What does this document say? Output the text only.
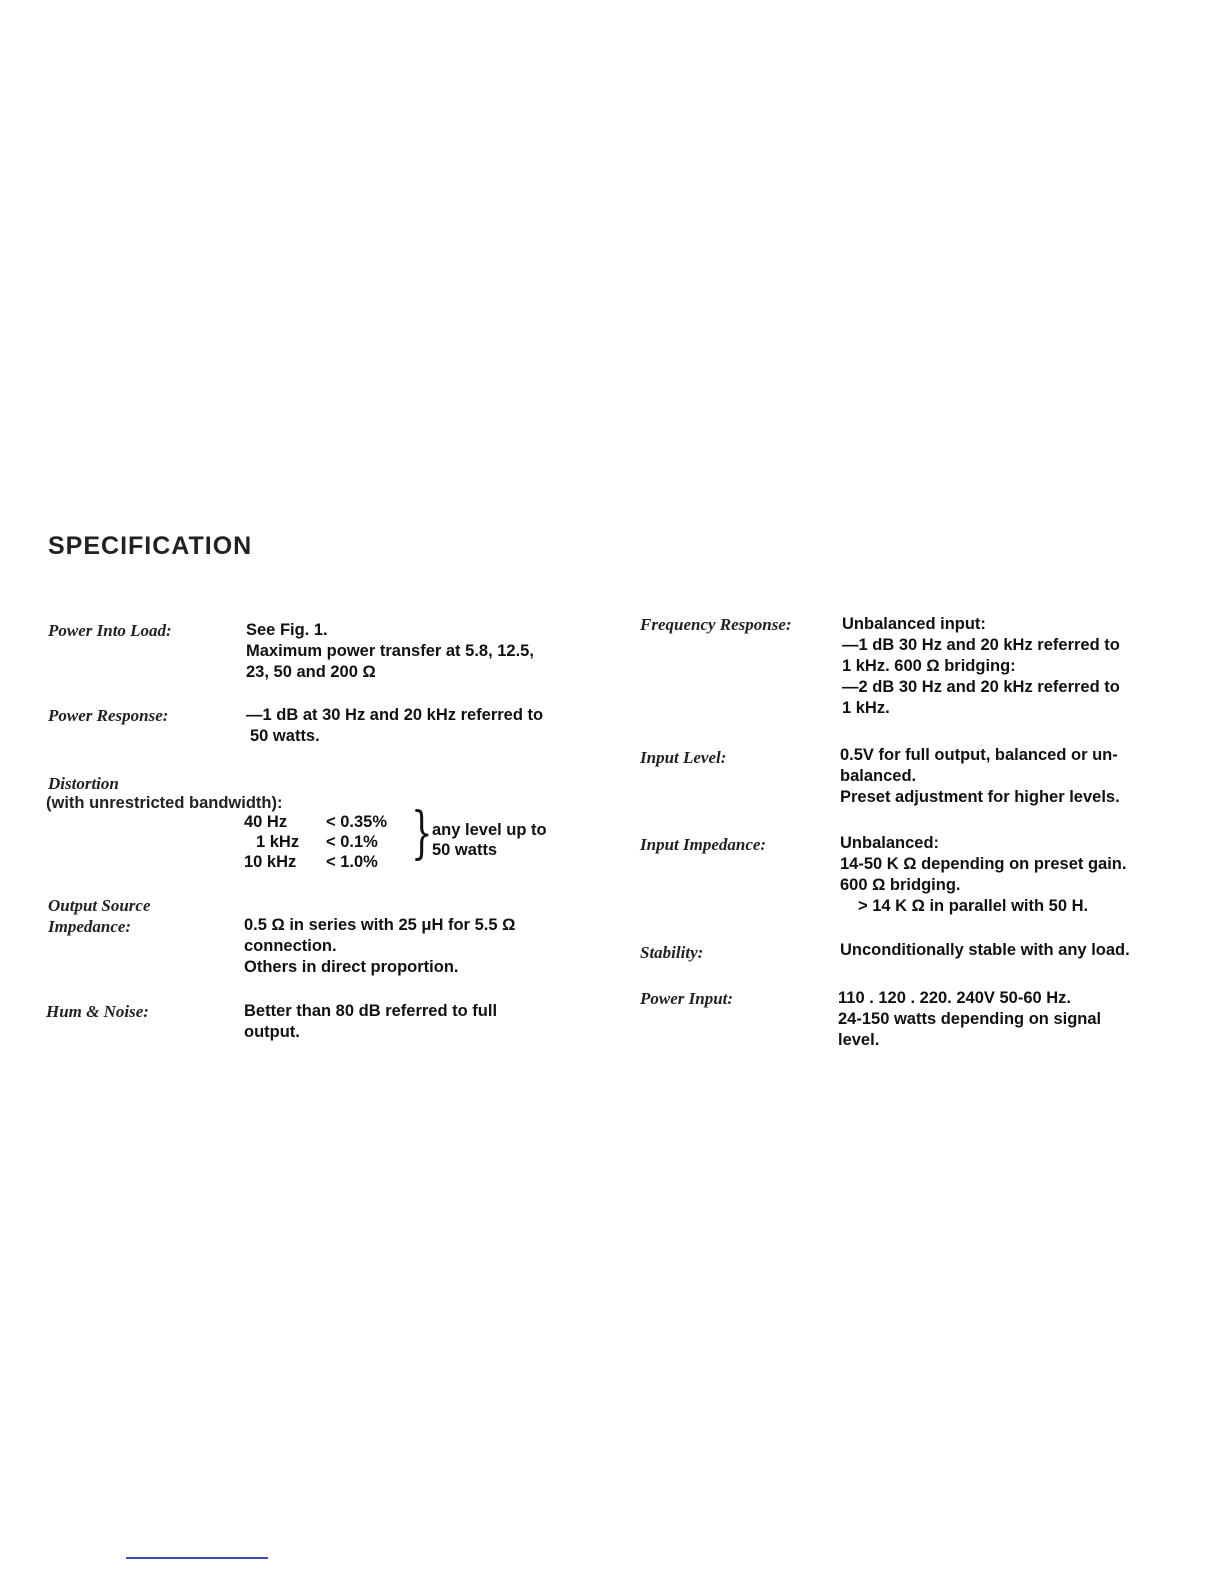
SPECIFICATION
Power Into Load:	See Fig. 1.
Maximum power transfer at 5.8, 12.5,
23, 50 and 200 Ω
Power Response:	—1 dB at 30 Hz and 20 kHz referred to
50 watts.
Distortion
(with unrestricted bandwidth):
40 Hz < 0.35%
1 kHz < 0.1%
10 kHz < 1.0% } any level up to
50 watts
Output Source
Impedance:	0.5 Ω in series with 25 μH for 5.5 Ω
connection.
Others in direct proportion.
Hum & Noise:	Better than 80 dB referred to full
output.
Frequency Response:	Unbalanced input:
—1 dB 30 Hz and 20 kHz referred to
1 kHz. 600 Ω bridging:
—2 dB 30 Hz and 20 kHz referred to
1 kHz.
Input Level:	0.5V for full output, balanced or un-
balanced.
Preset adjustment for higher levels.
Input Impedance:	Unbalanced:
14-50 K Ω depending on preset gain.
600 Ω bridging.
> 14 K Ω in parallel with 50 H.
Stability:	Unconditionally stable with any load.
Power Input:	110 . 120 . 220. 240V 50-60 Hz.
24-150 watts depending on signal
level.
